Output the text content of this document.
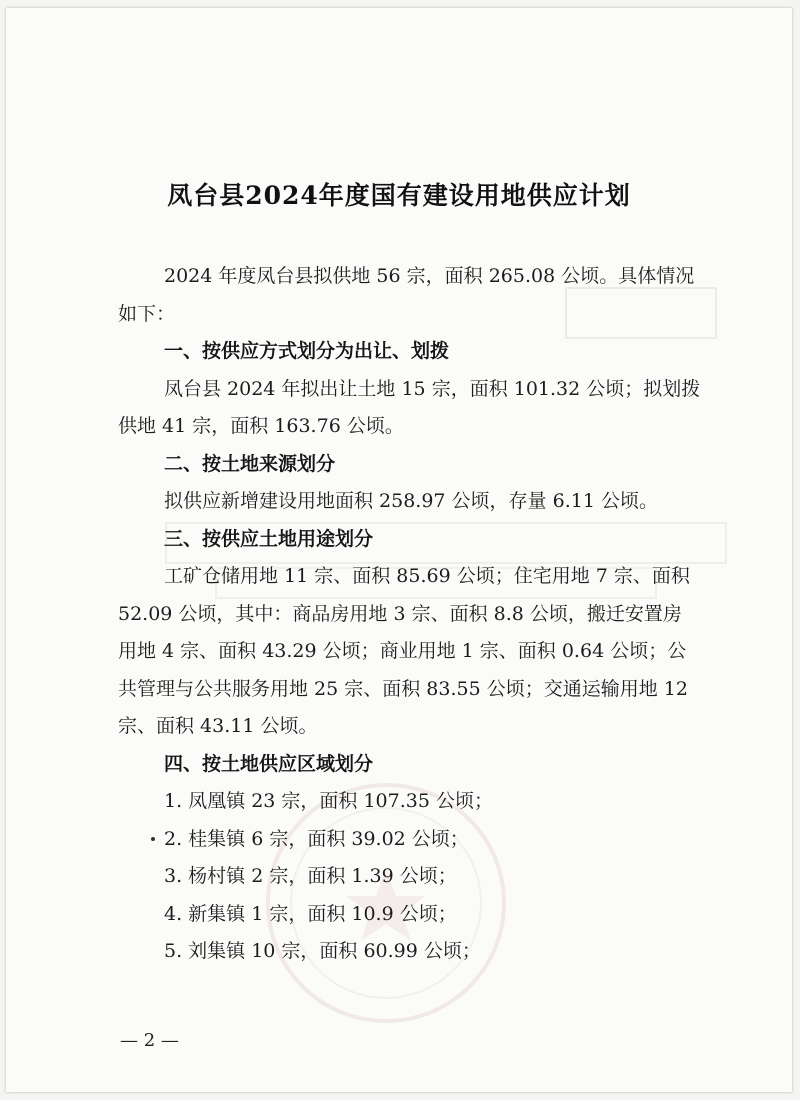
凤台县2024年度国有建设用地供应计划

2024 年度凤台县拟供地 56 宗，面积 265.08 公顷。具体情况

如下：

一、按供应方式划分为出让、划拨

凤台县 2024 年拟出让土地 15 宗，面积 101.32 公顷；拟划拨

供地 41 宗，面积 163.76 公顷。

二、按土地来源划分

拟供应新增建设用地面积 258.97 公顷，存量 6.11 公顷。

三、按供应土地用途划分

工矿仓储用地 11 宗、面积 85.69 公顷；住宅用地 7 宗、面积

52.09 公顷，其中：商品房用地 3 宗、面积 8.8 公顷，搬迁安置房

用地 4 宗、面积 43.29 公顷；商业用地 1 宗、面积 0.64 公顷；公

共管理与公共服务用地 25 宗、面积 83.55 公顷；交通运输用地 12

宗、面积 43.11 公顷。

四、按土地供应区域划分

1. 凤凰镇 23 宗，面积 107.35 公顷；

2. 桂集镇 6 宗，面积 39.02 公顷；

3. 杨村镇 2 宗，面积 1.39 公顷；

4. 新集镇 1 宗，面积 10.9 公顷；

5. 刘集镇 10 宗，面积 60.99 公顷；

— 2 —
